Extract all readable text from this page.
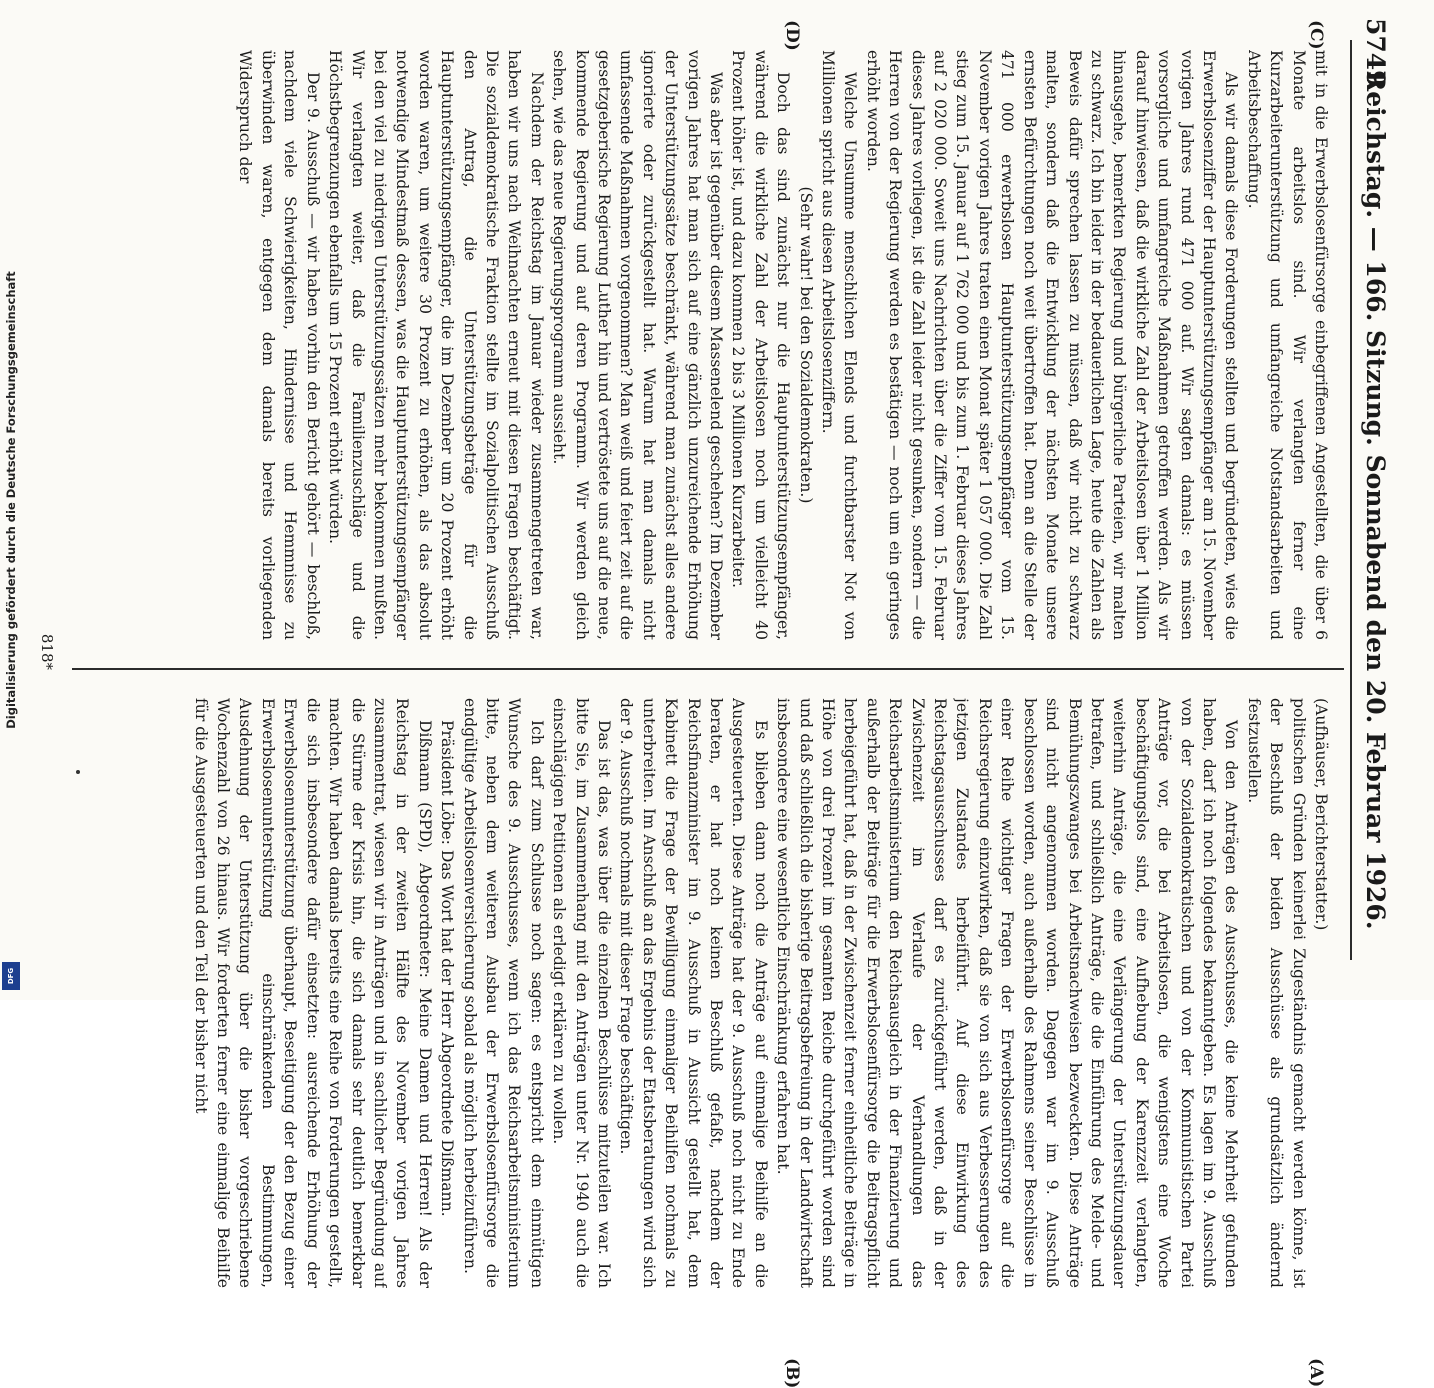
5749
Reichstag. — 166. Sitzung. Sonnabend den 20. Februar 1926.
(C)
(D)
(A)
(B)

mit in die Erwerbslosenfürsorge einbegriffenen Angestellten, die über 6 Monate arbeitslos sind. Wir verlangten ferner eine Kurzarbeiterunterstützung und umfangreiche Notstandsarbeiten und Arbeitsbeschaffung.

Als wir damals diese Forderungen stellten und begründeten, wies die Erwerbslosenziffer der Hauptunterstützungsempfänger am 15. November vorigen Jahres rund 471 000 auf. Wir sagten damals: es müssen vorsorgliche und umfangreiche Maßnahmen getroffen werden. Als wir darauf hinwiesen, daß die wirkliche Zahl der Arbeitslosen über 1 Million hinausgehe, bemerkten Regierung und bürgerliche Parteien, wir malten zu schwarz. Ich bin leider in der bedauerlichen Lage, heute die Zahlen als Beweis dafür sprechen lassen zu müssen, daß wir nicht zu schwarz malten, sondern daß die Entwicklung der nächsten Monate unsere ernsten Befürchtungen noch weit übertroffen hat. Denn an die Stelle der 471 000 erwerbslosen Hauptunterstützungsempfänger vom 15. November vorigen Jahres traten einen Monat später 1 057 000. Die Zahl stieg zum 15. Januar auf 1 762 000 und bis zum 1. Februar dieses Jahres auf 2 020 000. Soweit uns Nachrichten über die Ziffer vom 15. Februar dieses Jahres vorliegen, ist die Zahl leider nicht gesunken, sondern — die Herren von der Regierung werden es bestätigen — noch um ein geringes erhöht worden.

Welche Unsumme menschlichen Elends und furchtbarster Not von Millionen spricht aus diesen Arbeitslosenziffern.

(Sehr wahr! bei den Sozialdemokraten.)

Doch das sind zunächst nur die Hauptunterstützungsempfänger, während die wirkliche Zahl der Arbeitslosen noch um vielleicht 40 Prozent höher ist, und dazu kommen 2 bis 3 Millionen Kurzarbeiter.

Was aber ist gegenüber diesem Massenelend geschehen? Im Dezember vorigen Jahres hat man sich auf eine gänzlich unzureichende Erhöhung der Unterstützungssätze beschränkt, während man zunächst alles andere ignorierte oder zurückgestellt hat. Warum hat man damals nicht umfassende Maßnahmen vorgenommen? Man weiß und feiert zeit auf die gesetzgeberische Regierung Luther hin und vertröstete uns auf die neue, kommende Regierung und auf deren Programm. Wir werden gleich sehen, wie das neue Regierungsprogramm aussieht.

Nachdem der Reichstag im Januar wieder zusammengetreten war, haben wir uns nach Weihnachten erneut mit diesen Fragen beschäftigt. Die sozialdemokratische Fraktion stellte im Sozialpolitischen Ausschuß den Antrag, die Unterstützungsbeträge für die Hauptunterstützungsempfänger, die im Dezember um 20 Prozent erhöht worden waren, um weitere 30 Prozent zu erhöhen, als das absolut notwendige Mindestmaß dessen, was die Hauptunterstützungsempfänger bei den viel zu niedrigen Unterstützungssätzen mehr bekommen mußten. Wir verlangten weiter, daß die Familienzuschläge und die Höchstbegrenzungen ebenfalls um 15 Prozent erhöht würden.

Der 9. Ausschuß — wir haben vorhin den Bericht gehört — beschloß, nachdem viele Schwierigkeiten, Hindernisse und Hemmnisse zu überwinden waren, entgegen dem damals bereits vorliegenden Widerspruch der

(Aufhäuser, Berichterstatter.)

politischen Gründen keinerlei Zugeständnis gemacht werden könne, ist der Beschluß der beiden Ausschüsse als grundsätzlich ändernd festzustellen.

Von den Anträgen des Ausschusses, die keine Mehrheit gefunden haben, darf ich noch folgendes bekanntgeben. Es lagen im 9. Ausschuß von der Sozialdemokratischen und von der Kommunistischen Partei Anträge vor, die bei Arbeitslosen, die wenigstens eine Woche beschäftigungslos sind, eine Aufhebung der Karenzzeit verlangten, weiterhin Anträge, die eine Verlängerung der Unterstützungsdauer betrafen, und schließlich Anträge, die die Einführung des Melde- und Bemühungszwanges bei Arbeitsnachweisen bezweckten. Diese Anträge sind nicht angenommen worden. Dagegen war im 9. Ausschuß beschlossen worden, auch außerhalb des Rahmens seiner Beschlüsse in einer Reihe wichtiger Fragen der Erwerbslosenfürsorge auf die Reichsregierung einzuwirken, daß sie von sich aus Verbesserungen des jetzigen Zustandes herbeiführt. Auf diese Einwirkung des Reichstagsausschusses darf es zurückgeführt werden, daß in der Zwischenzeit im Verlaufe der Verhandlungen das Reichsarbeitsministerium den Reichsausgleich in der Finanzierung und außerhalb der Beiträge für die Erwerbslosenfürsorge die Beitragspflicht herbeigeführt hat, daß in der Zwischenzeit ferner einheitliche Beiträge in Höhe von drei Prozent im gesamten Reiche durchgeführt worden sind und daß schließlich die bisherige Beitragsbefreiung in der Landwirtschaft insbesondere eine wesentliche Einschränkung erfahren hat.

Es blieben dann noch die Anträge auf einmalige Beihilfe an die Ausgesteuerten. Diese Anträge hat der 9. Ausschuß noch nicht zu Ende beraten, er hat noch keinen Beschluß gefaßt, nachdem der Reichsfinanzminister im 9. Ausschuß in Aussicht gestellt hat, dem Kabinett die Frage der Bewilligung einmaliger Beihilfen nochmals zu unterbreiten. Im Anschluß an das Ergebnis der Etatsberatungen wird sich der 9. Ausschuß nochmals mit dieser Frage beschäftigen.

Das ist das, was über die einzelnen Beschlüsse mitzuteilen war. Ich bitte Sie, im Zusammenhang mit den Anträgen unter Nr. 1940 auch die einschlägigen Petitionen als erledigt erklären zu wollen.

Ich darf zum Schlusse noch sagen: es entspricht dem einmütigen Wunsche des 9. Ausschusses, wenn ich das Reichsarbeitsministerium bitte, neben dem weiteren Ausbau der Erwerbslosenfürsorge die endgültige Arbeitslosenversicherung sobald als möglich herbeizuführen.

Präsident Löbe: Das Wort hat der Herr Abgeordnete Dißmann.

Dißmann (SPD), Abgeordneter: Meine Damen und Herren! Als der Reichstag in der zweiten Hälfte des November vorigen Jahres zusammentrat, wiesen wir in Anträgen und in sachlicher Begründung auf die Stürme der Krisis hin, die sich damals sehr deutlich bemerkbar machten. Wir haben damals bereits eine Reihe von Forderungen gestellt, die sich insbesondere dafür einsetzten: ausreichende Erhöhung der Erwerbslosenunterstützung überhaupt, Beseitigung der den Bezug einer Erwerbslosenunterstützung einschränkenden Bestimmungen, Ausdehnung der Unterstützung über die bisher vorgeschriebene Wochenzahl von 26 hinaus. Wir forderten ferner eine einmalige Beihilfe für die Ausgesteuerten und den Teil der bisher nicht

818*
Digitalisierung gefördert durch die Deutsche Forschungsgemeinschaft
DFG
